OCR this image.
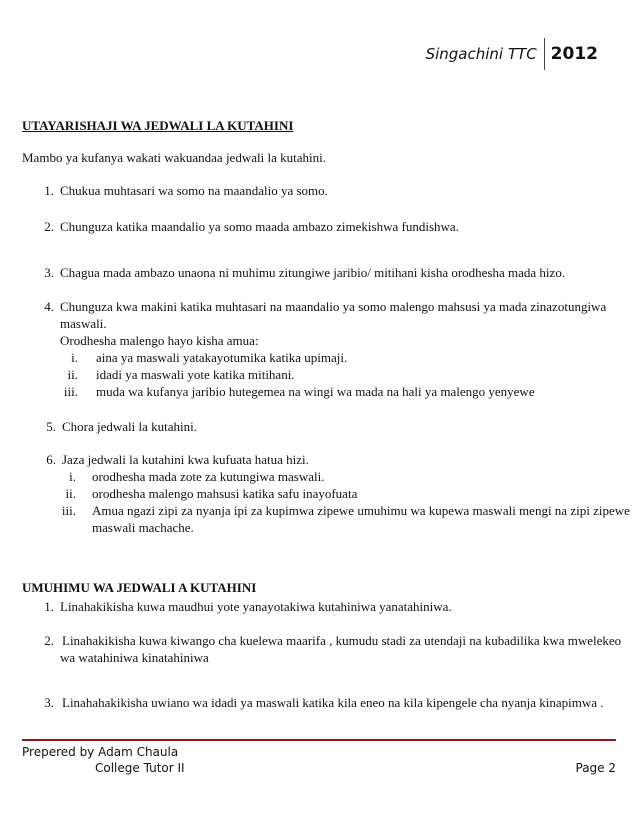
Singachini TTC 2012
UTAYARISHAJI WA JEDWALI LA KUTAHINI
Mambo ya kufanya wakati wakuandaa jedwali la kutahini.
1. Chukua muhtasari wa somo na maandalio ya somo.
2. Chunguza katika maandalio ya somo maada ambazo zimekishwa fundishwa.
3. Chagua mada ambazo unaona ni muhimu zitungiwe jaribio/ mitihani kisha orodhesha mada hizo.
4. Chunguza kwa makini katika muhtasari na maandalio ya somo malengo mahsusi ya mada zinazotungiwa
maswali.
Orodhesha malengo hayo kisha amua:
i. aina ya maswali yatakayotumika katika upimaji.
ii. idadi ya maswali yote katika mitihani.
iii. muda wa kufanya jaribio hutegemea na wingi wa mada na hali ya malengo yenyewe
5. Chora jedwali la kutahini.
6. Jaza jedwali la kutahini kwa kufuata hatua hizi.
i. orodhesha mada zote za kutungiwa maswali.
ii. orodhesha malengo mahsusi katika safu inayofuata
iii. Amua ngazi zipi za nyanja ipi za kupimwa zipewe umuhimu wa kupewa maswali mengi na zipi zipewe
maswali machache.
UMUHIMU WA JEDWALI A KUTAHINI
1. Linahakikisha kuwa maudhui yote yanayotakiwa kutahiniwa yanatahiniwa.
2. Linahakikisha kuwa kiwango cha kuelewa maarifa , kumudu stadi za utendaji na kubadilika kwa mwelekeo
wa watahiniwa kinatahiniwa
3. Linahahakikisha uwiano wa idadi ya maswali katika kila eneo na kila kipengele cha nyanja kinapimwa .
Prepered by Adam Chaula
College Tutor II	Page 2
